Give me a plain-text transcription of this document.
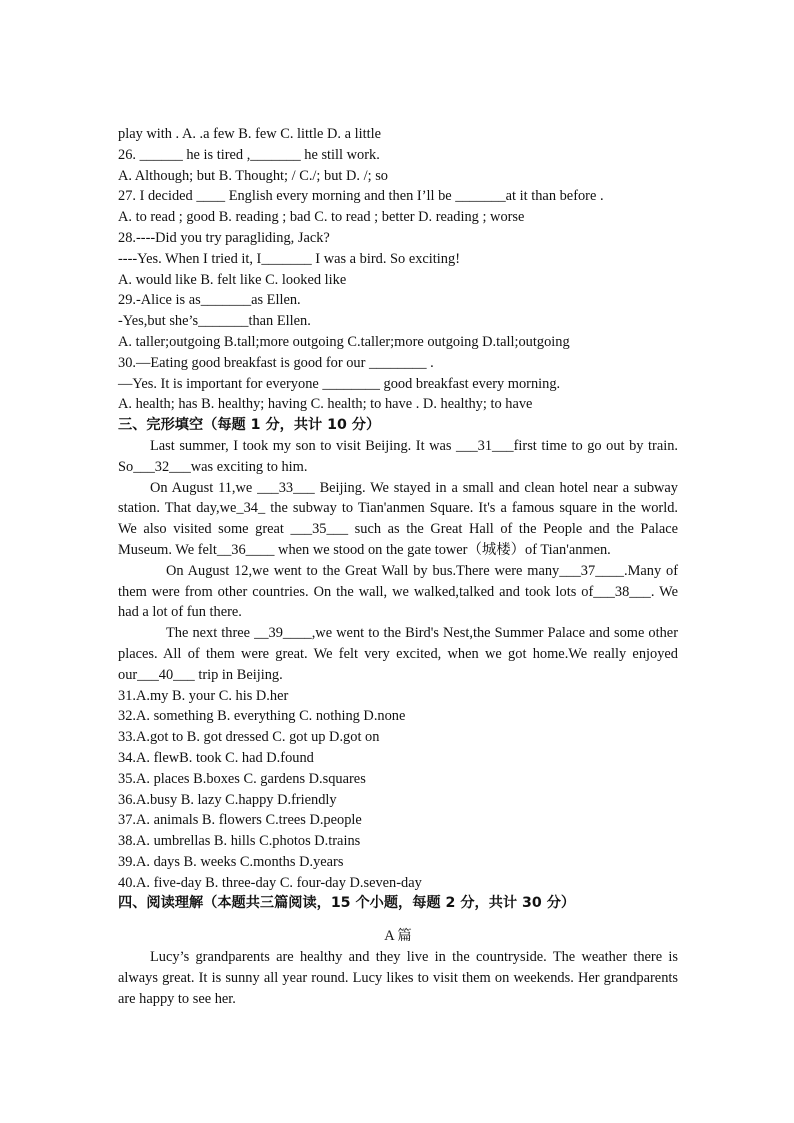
play with . A. .a few B. few C. little D. a little
26. ______ he is tired ,_______ he still work.
A. Although; but B. Thought; / C./; but D. /; so
27. I decided ____ English every morning and then I’ll be _______at it than before .
A. to read ; good B. reading ; bad C. to read ; better D. reading ; worse
28.----Did you try paragliding, Jack?
----Yes. When I tried it, I_______ I was a bird. So exciting!
A. would like B. felt like C. looked like
29.-Alice is as_______as Ellen.
-Yes,but she’s_______than Ellen.
A. taller;outgoing B.tall;more outgoing C.taller;more outgoing D.tall;outgoing
30.—Eating good breakfast is good for our ________ .
—Yes. It is important for everyone ________ good breakfast every morning.
A. health; has B. healthy; having C. health; to have . D. healthy; to have
三、完形填空（每题 1 分，共计 10 分）
Last summer, I took my son to visit Beijing. It was ___31___first time to go out by train. So___32___was exciting to him.
On August 11,we ___33___ Beijing. We stayed in a small and clean hotel near a subway station. That day,we_34_ the subway to Tian'anmen Square. It's a famous square in the world. We also visited some great ___35___ such as the Great Hall of the People and the Palace Museum. We felt__36____ when we stood on the gate tower（城楼）of Tian'anmen.
On August 12,we went to the Great Wall by bus.There were many___37____.Many of them were from other countries. On the wall, we walked,talked and took lots of___38___. We had a lot of fun there.
The next three __39____,we went to the Bird's Nest,the Summer Palace and some other places. All of them were great. We felt very excited, when we got home.We really enjoyed our___40___ trip in Beijing.
31.A.my B. your C. his D.her
32.A. something B. everything C. nothing D.none
33.A.got to B. got dressed C. got up D.got on
34.A. flewB. took C. had D.found
35.A. places B.boxes C. gardens D.squares
36.A.busy B. lazy C.happy D.friendly
37.A. animals B. flowers C.trees D.people
38.A. umbrellas B. hills C.photos D.trains
39.A. days B. weeks C.months D.years
40.A. five-day B. three-day C. four-day D.seven-day
四、阅读理解（本题共三篇阅读，15 个小题，每题 2 分，共计 30 分）
A 篇
Lucy’s grandparents are healthy and they live in the countryside. The weather there is always great. It is sunny all year round. Lucy likes to visit them on weekends. Her grandparents are happy to see her.
